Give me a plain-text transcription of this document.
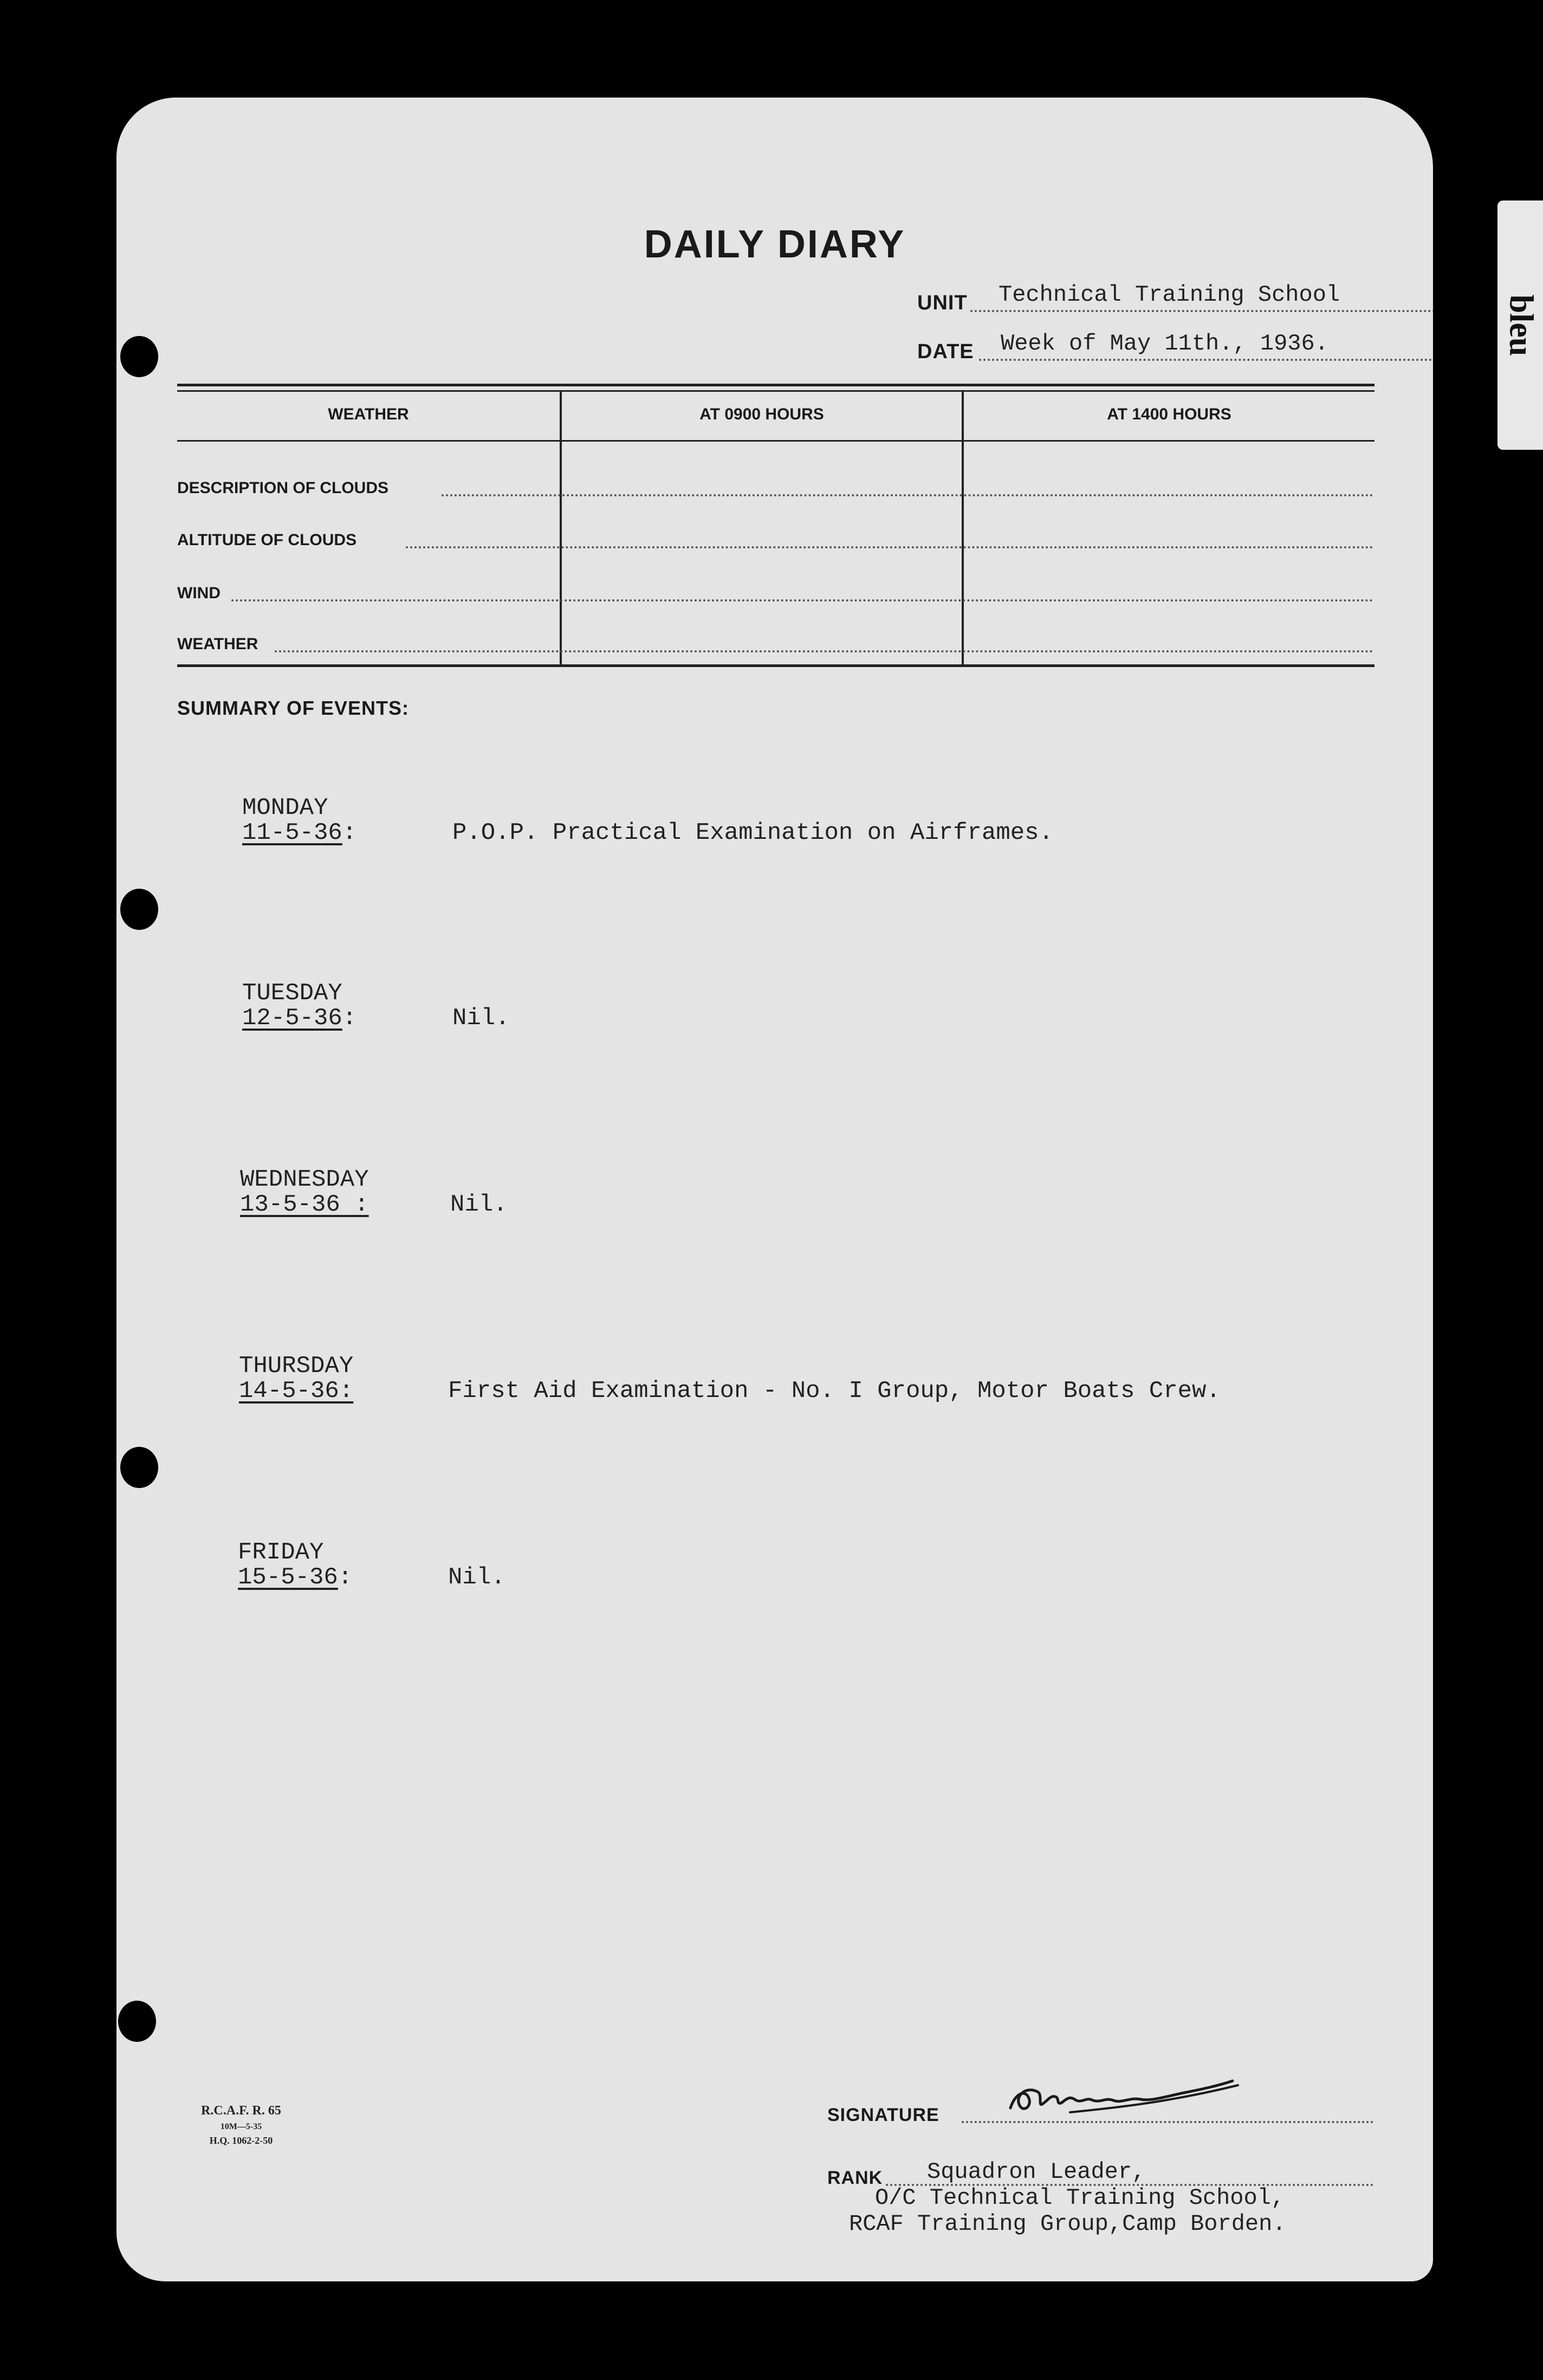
DAILY DIARY
UNIT Technical Training School
DATE Week of May 11th., 1936.
WEATHER	AT 0900 HOURS	AT 1400 HOURS
DESCRIPTION OF CLOUDS
ALTITUDE OF CLOUDS
WIND
WEATHER
SUMMARY OF EVENTS:
MONDAY
11-5-36:	P.O.P. Practical Examination on Airframes.
TUESDAY
12-5-36:	Nil.
WEDNESDAY
13-5-36 :	Nil.
THURSDAY
14-5-36:	First Aid Examination - No. I Group, Motor Boats Crew.
FRIDAY
15-5-36:	Nil.
R.C.A.F. R. 65
10M—5-35
H.Q. 1062-2-50
SIGNATURE
RANK Squadron Leader,
O/C Technical Training School,
RCAF Training Group,Camp Borden.
bleu
